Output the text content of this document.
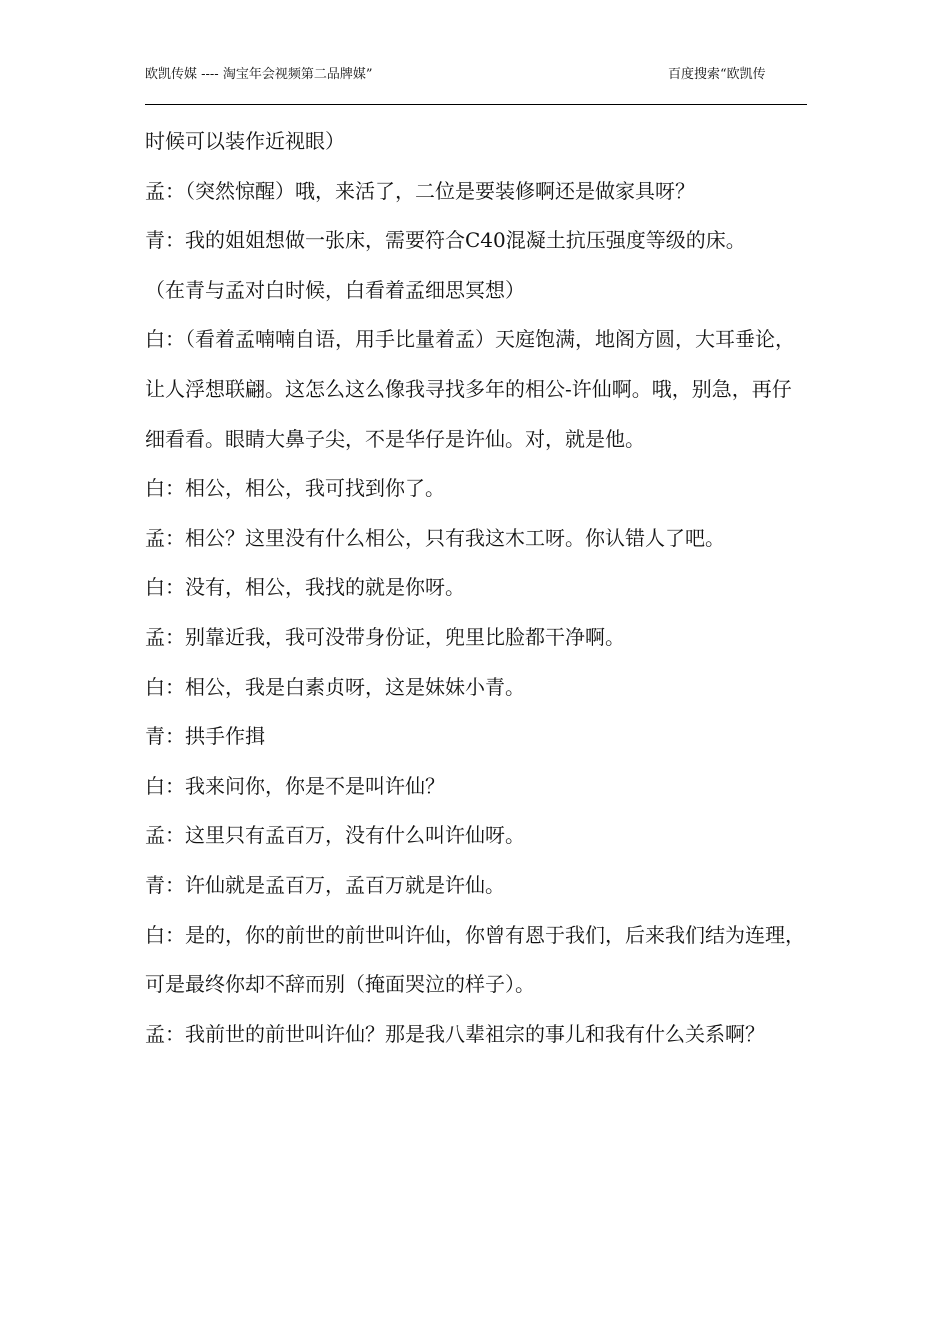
欧凯传媒 ---- 淘宝年会视频第二品牌媒”	百度搜索“欧凯传

时候可以装作近视眼）

孟：（突然惊醒）哦，来活了，二位是要装修啊还是做家具呀？

青：我的姐姐想做一张床，需要符合C40混凝土抗压强度等级的床。

（在青与孟对白时候，白看着孟细思冥想）

白：（看着孟喃喃自语，用手比量着孟）天庭饱满，地阁方圆，大耳垂论，让人浮想联翩。这怎么这么像我寻找多年的相公-许仙啊。哦，别急，再仔细看看。眼睛大鼻子尖，不是华仔是许仙。对，就是他。

白：相公，相公，我可找到你了。

孟：相公？这里没有什么相公，只有我这木工呀。你认错人了吧。

白：没有，相公，我找的就是你呀。

孟：别靠近我，我可没带身份证，兜里比脸都干净啊。

白：相公，我是白素贞呀，这是妹妹小青。

青：拱手作揖

白：我来问你，你是不是叫许仙？

孟：这里只有孟百万，没有什么叫许仙呀。

青：许仙就是孟百万，孟百万就是许仙。

白：是的，你的前世的前世叫许仙，你曾有恩于我们，后来我们结为连理，可是最终你却不辞而别（掩面哭泣的样子）。

孟：我前世的前世叫许仙？那是我八辈祖宗的事儿和我有什么关系啊？
